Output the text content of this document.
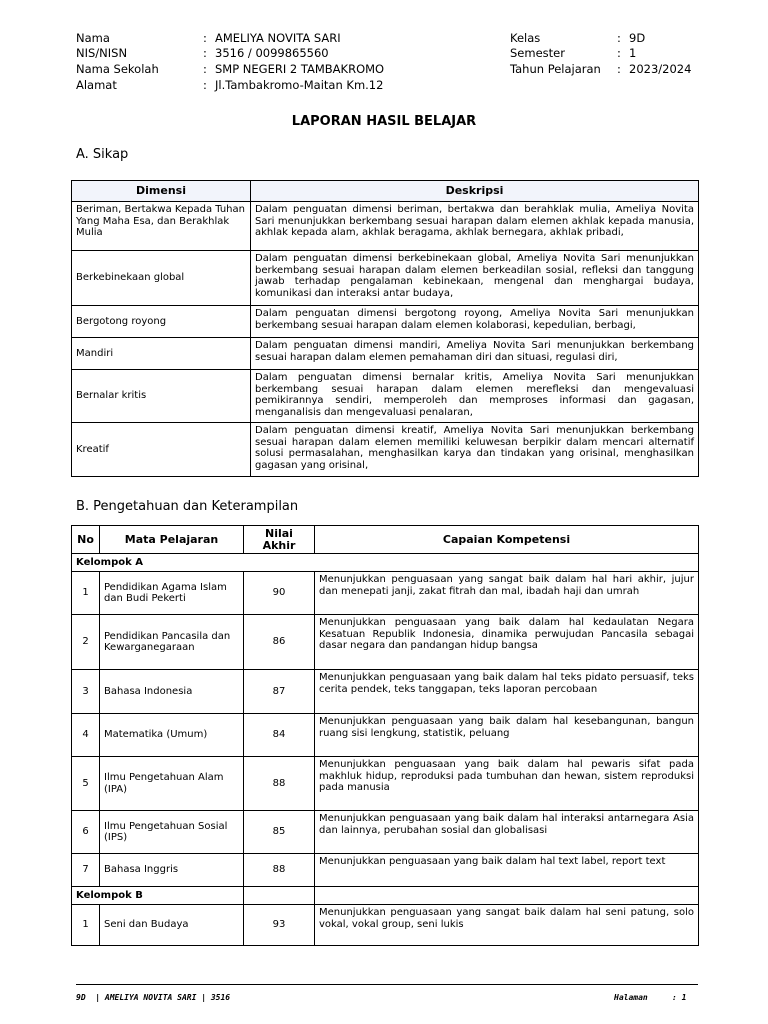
Nama	: AMELIYA NOVITA SARI	Kelas	: 9D
NIS/NISN	: 3516 / 0099865560	Semester	: 1
Nama Sekolah	: SMP NEGERI 2 TAMBAKROMO	Tahun Pelajaran : 2023/2024
Alamat	: Jl.Tambakromo-Maitan Km.12
LAPORAN HASIL BELAJAR
A. Sikap
Dimensi	Deskripsi
Beriman, Bertakwa Kepada Tuhan Yang Maha Esa, dan Berakhlak Mulia	Dalam penguatan dimensi beriman, bertakwa dan berahklak mulia, Ameliya Novita Sari menunjukkan berkembang sesuai harapan dalam elemen akhlak kepada manusia, akhlak kepada alam, akhlak beragama, akhlak bernegara, akhlak pribadi,
Berkebinekaan global	Dalam penguatan dimensi berkebinekaan global, Ameliya Novita Sari menunjukkan berkembang sesuai harapan dalam elemen berkeadilan sosial, refleksi dan tanggung jawab terhadap pengalaman kebinekaan, mengenal dan menghargai budaya, komunikasi dan interaksi antar budaya,
Bergotong royong	Dalam penguatan dimensi bergotong royong, Ameliya Novita Sari menunjukkan berkembang sesuai harapan dalam elemen kolaborasi, kepedulian, berbagi,
Mandiri	Dalam penguatan dimensi mandiri, Ameliya Novita Sari menunjukkan berkembang sesuai harapan dalam elemen pemahaman diri dan situasi, regulasi diri,
Bernalar kritis	Dalam penguatan dimensi bernalar kritis, Ameliya Novita Sari menunjukkan berkembang sesuai harapan dalam elemen merefleksi dan mengevaluasi pemikirannya sendiri, memperoleh dan memproses informasi dan gagasan, menganalisis dan mengevaluasi penalaran,
Kreatif	Dalam penguatan dimensi kreatif, Ameliya Novita Sari menunjukkan berkembang sesuai harapan dalam elemen memiliki keluwesan berpikir dalam mencari alternatif solusi permasalahan, menghasilkan karya dan tindakan yang orisinal, menghasilkan gagasan yang orisinal,
B. Pengetahuan dan Keterampilan
No	Mata Pelajaran	Nilai Akhir	Capaian Kompetensi
Kelompok A			
1	Pendidikan Agama Islam dan Budi Pekerti	90	Menunjukkan penguasaan yang sangat baik dalam hal hari akhir, jujur dan menepati janji, zakat fitrah dan mal, ibadah haji dan umrah
2	Pendidikan Pancasila dan Kewarganegaraan	86	Menunjukkan penguasaan yang baik dalam hal kedaulatan Negara Kesatuan Republik Indonesia, dinamika perwujudan Pancasila sebagai dasar negara dan pandangan hidup bangsa
3	Bahasa Indonesia	87	Menunjukkan penguasaan yang baik dalam hal teks pidato persuasif, teks cerita pendek, teks tanggapan, teks laporan percobaan
4	Matematika (Umum)	84	Menunjukkan penguasaan yang baik dalam hal kesebangunan, bangun ruang sisi lengkung, statistik, peluang
5	Ilmu Pengetahuan Alam (IPA)	88	Menunjukkan penguasaan yang baik dalam hal pewaris sifat pada makhluk hidup, reproduksi pada tumbuhan dan hewan, sistem reproduksi pada manusia
6	Ilmu Pengetahuan Sosial (IPS)	85	Menunjukkan penguasaan yang baik dalam hal interaksi antarnegara Asia dan lainnya, perubahan sosial dan globalisasi
7	Bahasa Inggris	88	Menunjukkan penguasaan yang baik dalam hal text label, report text
Kelompok B			
1	Seni dan Budaya	93	Menunjukkan penguasaan yang sangat baik dalam hal seni patung, solo vokal, vokal group, seni lukis
9D  | AMELIYA NOVITA SARI | 3516	Halaman	: 1
